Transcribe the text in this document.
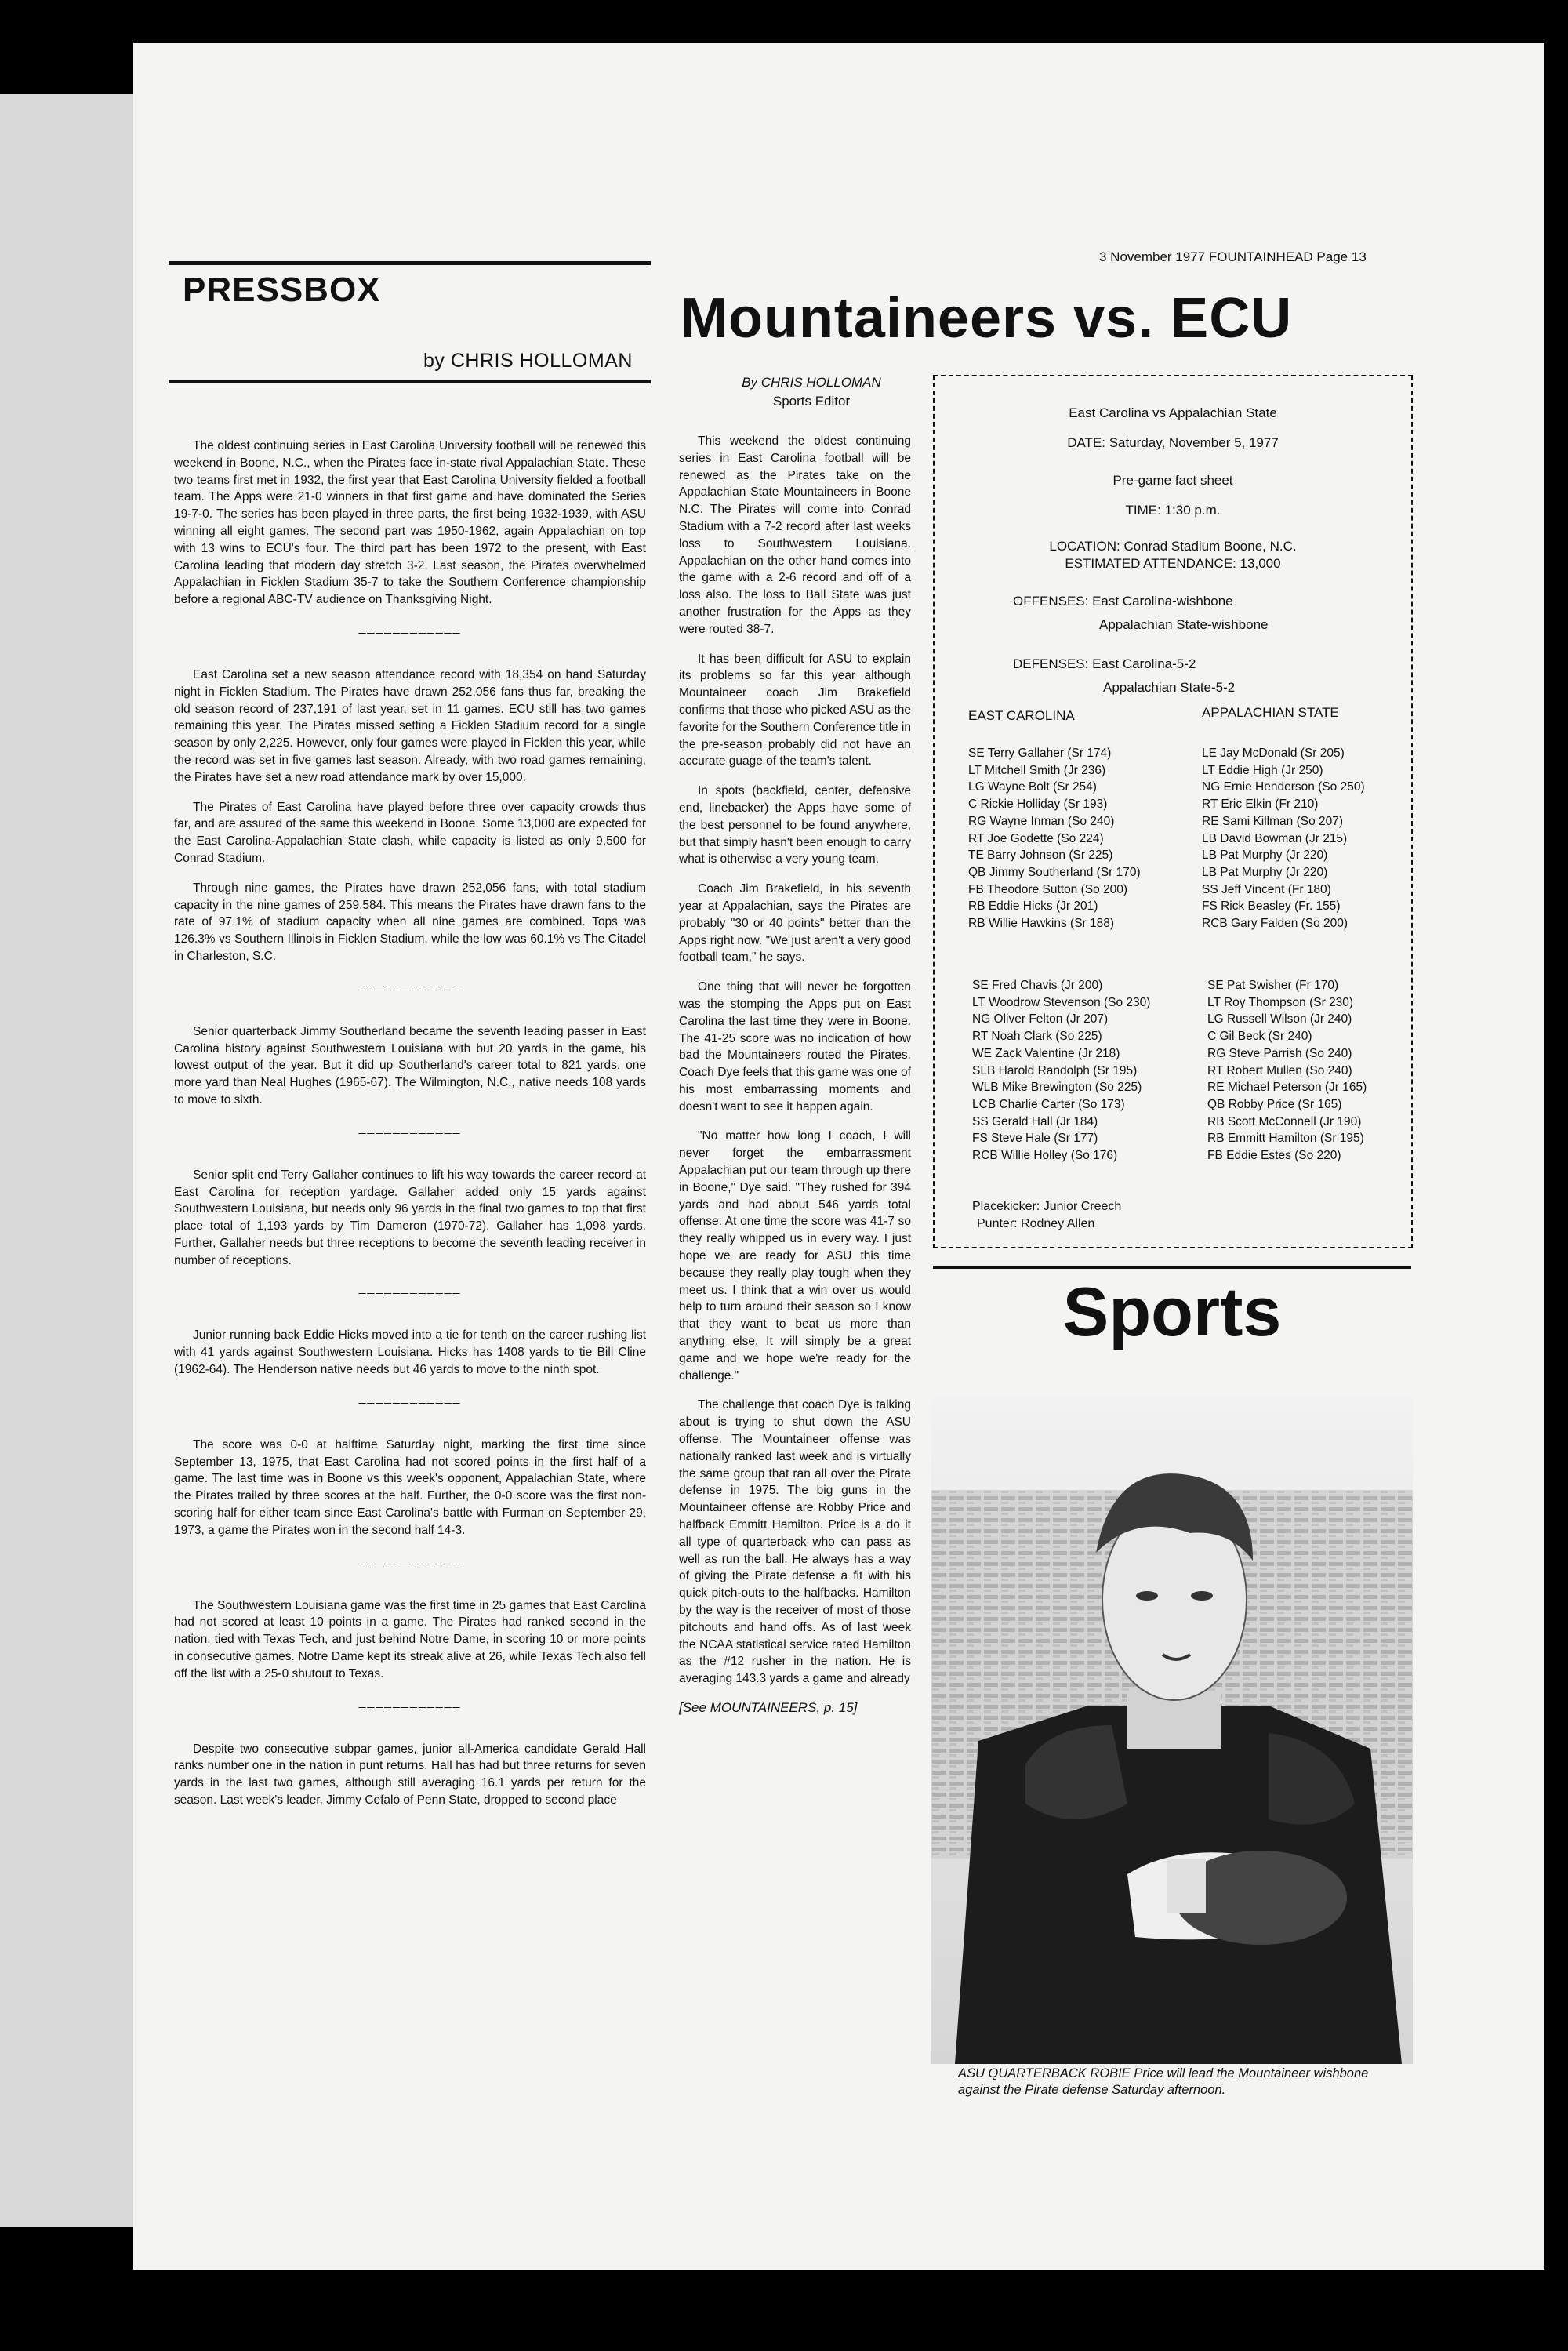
3 November 1977 FOUNTAINHEAD Page 13
PRESSBOX
by CHRIS HOLLOMAN

The oldest continuing series in East Carolina University football will be renewed this weekend in Boone, N.C., when the Pirates face in-state rival Appalachian State. These two teams first met in 1932, the first year that East Carolina University fielded a football team. The Apps were 21-0 winners in that first game and have dominated the Series 19-7-0. The series has been played in three parts, the first being 1932-1939, with ASU winning all eight games. The second part was 1950-1962, again Appalachian on top with 13 wins to ECU's four. The third part has been 1972 to the present, with East Carolina leading that modern day stretch 3-2. Last season, the Pirates overwhelmed Appalachian in Ficklen Stadium 35-7 to take the Southern Conference championship before a regional ABC-TV audience on Thanksgiving Night.

____________

East Carolina set a new season attendance record with 18,354 on hand Saturday night in Ficklen Stadium. The Pirates have drawn 252,056 fans thus far, breaking the old season record of 237,191 of last year, set in 11 games. ECU still has two games remaining this year. The Pirates missed setting a Ficklen Stadium record for a single season by only 2,225. However, only four games were played in Ficklen this year, while the record was set in five games last season. Already, with two road games remaining, the Pirates have set a new road attendance mark by over 15,000.

The Pirates of East Carolina have played before three over capacity crowds thus far, and are assured of the same this weekend in Boone. Some 13,000 are expected for the East Carolina-Appalachian State clash, while capacity is listed as only 9,500 for Conrad Stadium.

Through nine games, the Pirates have drawn 252,056 fans, with total stadium capacity in the nine games of 259,584. This means the Pirates have drawn fans to the rate of 97.1% of stadium capacity when all nine games are combined. Tops was 126.3% vs Southern Illinois in Ficklen Stadium, while the low was 60.1% vs The Citadel in Charleston, S.C.

____________

Senior quarterback Jimmy Southerland became the seventh leading passer in East Carolina history against Southwestern Louisiana with but 20 yards in the game, his lowest output of the year. But it did up Southerland's career total to 821 yards, one more yard than Neal Hughes (1965-67). The Wilmington, N.C., native needs 108 yards to move to sixth.

____________

Senior split end Terry Gallaher continues to lift his way towards the career record at East Carolina for reception yardage. Gallaher added only 15 yards against Southwestern Louisiana, but needs only 96 yards in the final two games to top that first place total of 1,193 yards by Tim Dameron (1970-72). Gallaher has 1,098 yards. Further, Gallaher needs but three receptions to become the seventh leading receiver in number of receptions.

____________

Junior running back Eddie Hicks moved into a tie for tenth on the career rushing list with 41 yards against Southwestern Louisiana. Hicks has 1408 yards to tie Bill Cline (1962-64). The Henderson native needs but 46 yards to move to the ninth spot.

____________

The score was 0-0 at halftime Saturday night, marking the first time since September 13, 1975, that East Carolina had not scored points in the first half of a game. The last time was in Boone vs this week's opponent, Appalachian State, where the Pirates trailed by three scores at the half. Further, the 0-0 score was the first non-scoring half for either team since East Carolina's battle with Furman on September 29, 1973, a game the Pirates won in the second half 14-3.

____________

The Southwestern Louisiana game was the first time in 25 games that East Carolina had not scored at least 10 points in a game. The Pirates had ranked second in the nation, tied with Texas Tech, and just behind Notre Dame, in scoring 10 or more points in consecutive games. Notre Dame kept its streak alive at 26, while Texas Tech also fell off the list with a 25-0 shutout to Texas.

____________

Despite two consecutive subpar games, junior all-America candidate Gerald Hall ranks number one in the nation in punt returns. Hall has had but three returns for seven yards in the last two games, although still averaging 16.1 yards per return for the season. Last week's leader, Jimmy Cefalo of Penn State, dropped to second place

Mountaineers vs. ECU
By CHRIS HOLLOMAN
Sports Editor

This weekend the oldest continuing series in East Carolina football will be renewed as the Pirates take on the Appalachian State Mountaineers in Boone N.C. The Pirates will come into Conrad Stadium with a 7-2 record after last weeks loss to Southwestern Louisiana. Appalachian on the other hand comes into the game with a 2-6 record and off of a loss also. The loss to Ball State was just another frustration for the Apps as they were routed 38-7.

It has been difficult for ASU to explain its problems so far this year although Mountaineer coach Jim Brakefield confirms that those who picked ASU as the favorite for the Southern Conference title in the pre-season probably did not have an accurate guage of the team's talent.

In spots (backfield, center, defensive end, linebacker) the Apps have some of the best personnel to be found anywhere, but that simply hasn't been enough to carry what is otherwise a very young team.

Coach Jim Brakefield, in his seventh year at Appalachian, says the Pirates are probably "30 or 40 points" better than the Apps right now. "We just aren't a very good football team," he says.

One thing that will never be forgotten was the stomping the Apps put on East Carolina the last time they were in Boone. The 41-25 score was no indication of how bad the Mountaineers routed the Pirates. Coach Dye feels that this game was one of his most embarrassing moments and doesn't want to see it happen again.

"No matter how long I coach, I will never forget the embarrassment Appalachian put our team through up there in Boone," Dye said. "They rushed for 394 yards and had about 546 yards total offense. At one time the score was 41-7 so they really whipped us in every way. I just hope we are ready for ASU this time because they really play tough when they meet us. I think that a win over us would help to turn around their season so I know that they want to beat us more than anything else. It will simply be a great game and we hope we're ready for the challenge."

The challenge that coach Dye is talking about is trying to shut down the ASU offense. The Mountaineer offense was nationally ranked last week and is virtually the same group that ran all over the Pirate defense in 1975. The big guns in the Mountaineer offense are Robby Price and halfback Emmitt Hamilton. Price is a do it all type of quarterback who can pass as well as run the ball. He always has a way of giving the Pirate defense a fit with his quick pitch-outs to the halfbacks. Hamilton by the way is the receiver of most of those pitchouts and hand offs. As of last week the NCAA statistical service rated Hamilton as the #12 rusher in the nation. He is averaging 143.3 yards a game and already

[See MOUNTAINEERS, p. 15]
East Carolina vs Appalachian State
DATE: Saturday, November 5, 1977
Pre-game fact sheet
TIME: 1:30 p.m.
LOCATION: Conrad Stadium Boone, N.C.
ESTIMATED ATTENDANCE: 13,000
OFFENSES: East Carolina-wishbone
Appalachian State-wishbone
DEFENSES: East Carolina-5-2
Appalachian State-5-2
EAST CAROLINA	APPALACHIAN STATE
SE Terry Gallaher (Sr 174)
LT Mitchell Smith (Jr 236)
LG Wayne Bolt (Sr 254)
C Rickie Holliday (Sr 193)
RG Wayne Inman (So 240)
RT Joe Godette (So 224)
TE Barry Johnson (Sr 225)
QB Jimmy Southerland (Sr 170)
FB Theodore Sutton (So 200)
RB Eddie Hicks (Jr 201)
RB Willie Hawkins (Sr 188)
LE Jay McDonald (Sr 205)
LT Eddie High (Jr 250)
NG Ernie Henderson (So 250)
RT Eric Elkin (Fr 210)
RE Sami Killman (So 207)
LB David Bowman (Jr 215)
LB Pat Murphy (Jr 220)
LB Pat Murphy (Jr 220)
SS Jeff Vincent (Fr 180)
FS Rick Beasley (Fr. 155)
RCB Gary Falden (So 200)
SE Fred Chavis (Jr 200)
LT Woodrow Stevenson (So 230)
NG Oliver Felton (Jr 207)
RT Noah Clark (So 225)
WE Zack Valentine (Jr 218)
SLB Harold Randolph (Sr 195)
WLB Mike Brewington (So 225)
LCB Charlie Carter (So 173)
SS Gerald Hall (Jr 184)
FS Steve Hale (Sr 177)
RCB Willie Holley (So 176)
SE Pat Swisher (Fr 170)
LT Roy Thompson (Sr 230)
LG Russell Wilson (Jr 240)
C Gil Beck (Sr 240)
RG Steve Parrish (So 240)
RT Robert Mullen (So 240)
RE Michael Peterson (Jr 165)
QB Robby Price (Sr 165)
RB Scott McConnell (Jr 190)
RB Emmitt Hamilton (Sr 195)
FB Eddie Estes (So 220)
Placekicker: Junior Creech
Punter: Rodney Allen
Sports
ASU QUARTERBACK ROBIE Price will lead the Mountaineer wishbone against the Pirate defense Saturday afternoon.
